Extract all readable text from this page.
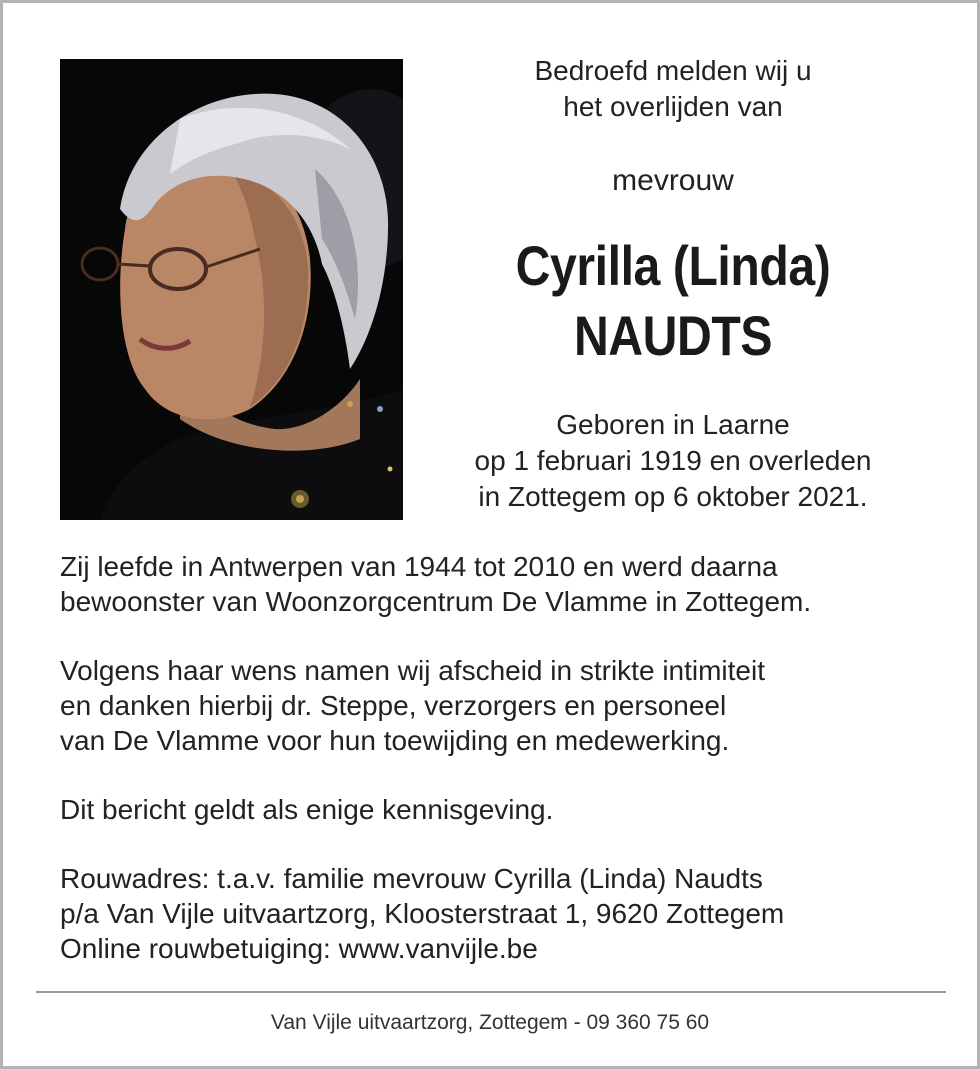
Bedroefd melden wij u
het overlijden van
mevrouw
Cyrilla (Linda)
NAUDTS
Geboren in Laarne
op 1 februari 1919 en overleden
in Zottegem op 6 oktober 2021.

Zij leefde in Antwerpen van 1944 tot 2010 en werd daarna
bewoonster van Woonzorgcentrum De Vlamme in Zottegem.

Volgens haar wens namen wij afscheid in strikte intimiteit
en danken hierbij dr. Steppe, verzorgers en personeel
van De Vlamme voor hun toewijding en medewerking.

Dit bericht geldt als enige kennisgeving.

Rouwadres: t.a.v. familie mevrouw Cyrilla (Linda) Naudts
p/a Van Vijle uitvaartzorg, Kloosterstraat 1, 9620 Zottegem
Online rouwbetuiging: www.vanvijle.be

Van Vijle uitvaartzorg, Zottegem - 09 360 75 60
